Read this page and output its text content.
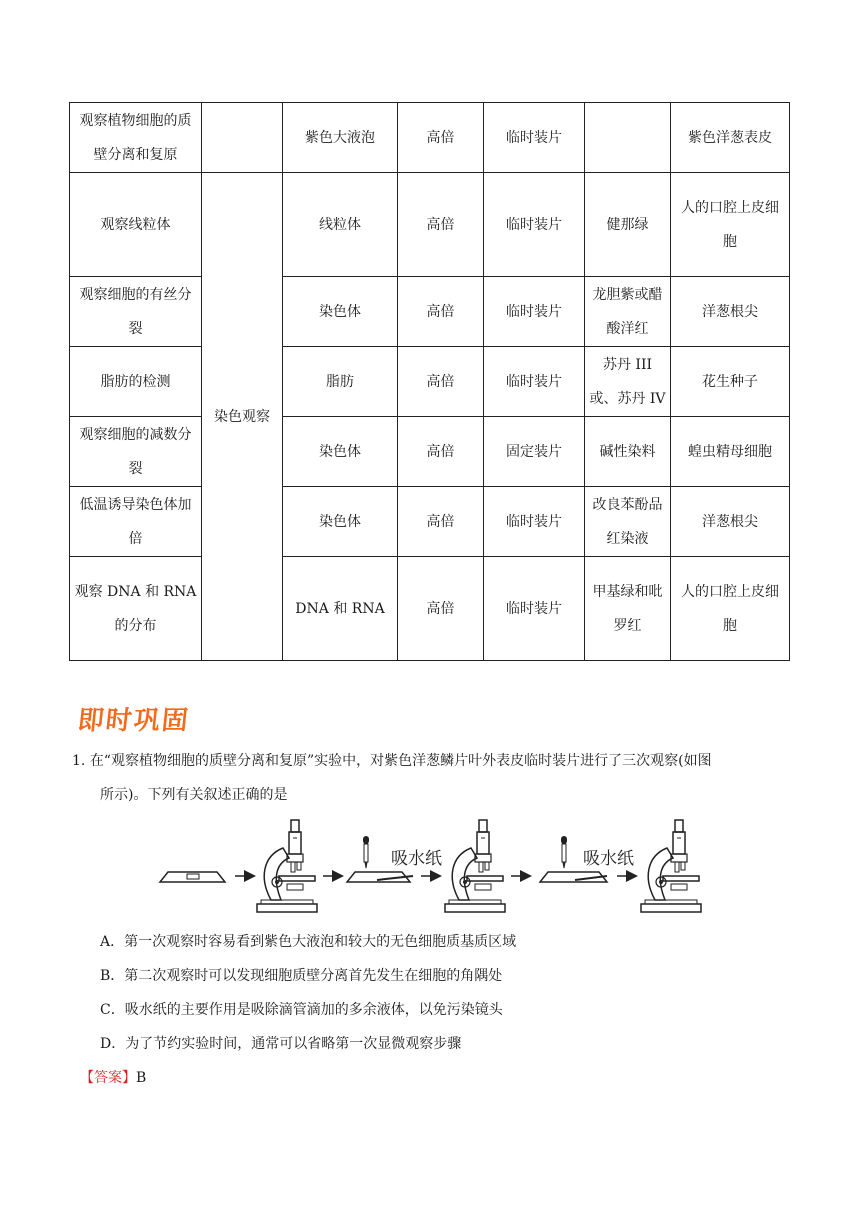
观察植物细胞的质壁分离和复原		紫色大液泡	高倍	临时装片		紫色洋葱表皮
观察线粒体	染色观察	线粒体	高倍	临时装片	健那绿	人的口腔上皮细胞
观察细胞的有丝分裂		染色体	高倍	临时装片	龙胆紫或醋酸洋红	洋葱根尖
脂肪的检测		脂肪	高倍	临时装片	苏丹 III 或、苏丹 IV	花生种子
观察细胞的减数分裂		染色体	高倍	固定装片	碱性染料	蝗虫精母细胞
低温诱导染色体加倍		染色体	高倍	临时装片	改良苯酚品红染液	洋葱根尖
观察 DNA 和 RNA 的分布		DNA 和 RNA	高倍	临时装片	甲基绿和吡罗红	人的口腔上皮细胞
即时巩固
1. 在“观察植物细胞的质壁分离和复原”实验中，对紫色洋葱鳞片叶外表皮临时装片进行了三次观察(如图
所示)。下列有关叙述正确的是
吸水纸	吸水纸
A．第一次观察时容易看到紫色大液泡和较大的无色细胞质基质区域
B．第二次观察时可以发现细胞质壁分离首先发生在细胞的角隅处
C．吸水纸的主要作用是吸除滴管滴加的多余液体，以免污染镜头
D．为了节约实验时间，通常可以省略第一次显微观察步骤
【答案】B
